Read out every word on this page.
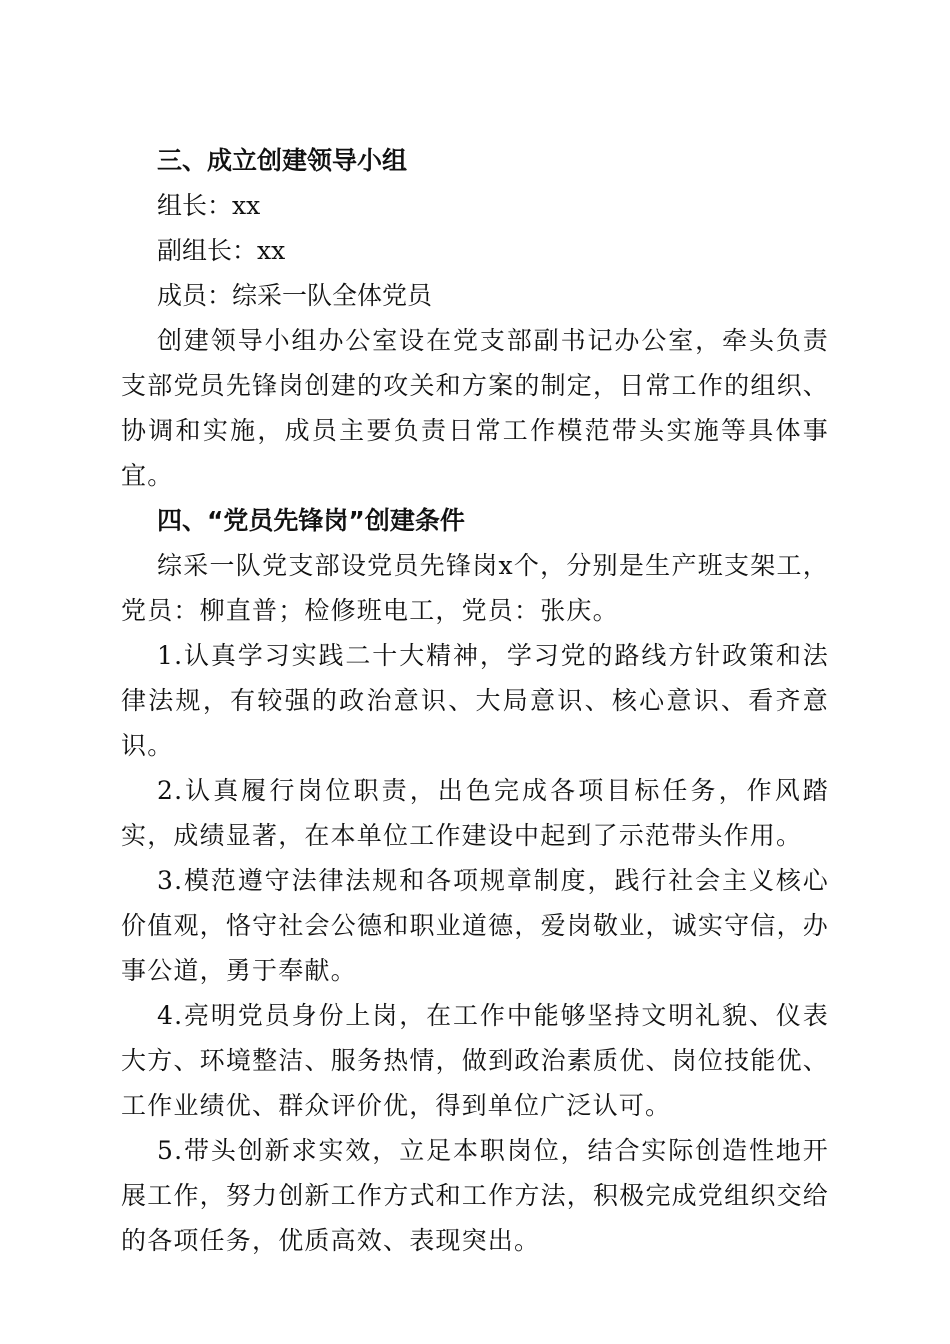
三、成立创建领导小组

组长：xx

副组长：xx

成员：综采一队全体党员

创建领导小组办公室设在党支部副书记办公室，牵头负责支部党员先锋岗创建的攻关和方案的制定，日常工作的组织、协调和实施，成员主要负责日常工作模范带头实施等具体事宜。

四、“党员先锋岗”创建条件

综采一队党支部设党员先锋岗x个，分别是生产班支架工，党员：柳直普；检修班电工，党员：张庆。

1.认真学习实践二十大精神，学习党的路线方针政策和法律法规，有较强的政治意识、大局意识、核心意识、看齐意识。

2.认真履行岗位职责，出色完成各项目标任务，作风踏实，成绩显著，在本单位工作建设中起到了示范带头作用。

3.模范遵守法律法规和各项规章制度，践行社会主义核心价值观，恪守社会公德和职业道德，爱岗敬业，诚实守信，办事公道，勇于奉献。

4.亮明党员身份上岗，在工作中能够坚持文明礼貌、仪表大方、环境整洁、服务热情，做到政治素质优、岗位技能优、工作业绩优、群众评价优，得到单位广泛认可。

5.带头创新求实效，立足本职岗位，结合实际创造性地开展工作，努力创新工作方式和工作方法，积极完成党组织交给的各项任务，优质高效、表现突出。
